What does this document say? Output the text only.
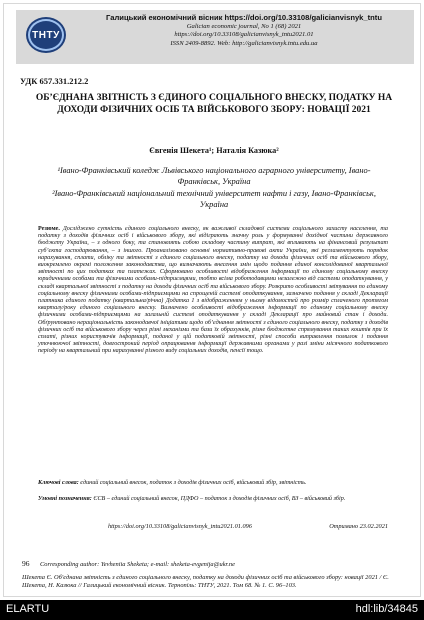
ТНТУ
Галицький економічний вісник https://doi.org/10.33108/galicianvisnyk_tntu
Galician economic journal, No 1 (68) 2021
https://doi.org/10.33108/galicianvisnyk_tntu2021.01
ISSN 2409-8892. Web: http://galicianvisnyk.tntu.edu.ua
УДК 657.331.212.2
ОБ’ЄДНАНА ЗВІТНІСТЬ З ЄДИНОГО СОЦІАЛЬНОГО ВНЕСКУ, ПОДАТКУ НА ДОХОДИ ФІЗИЧНИХ ОСІБ ТА ВІЙСЬКОВОГО ЗБОРУ: НОВАЦІЇ 2021
Євгенія Шекета¹; Наталія Казюка²
¹Івано-Франківський коледж Львівського національного аграрного університету, Івано-Франківськ, Україна
²Івано-Франківський національний технічний університет нафти і газу, Івано-Франківськ, Україна
Резюме. Досліджено сутність єдиного соціального внеску, як важливої складової системи соціального захисту населення, та податку з доходів фізичних осіб і військового збору, які відіграють значну роль у формуванні дохідної частини державного бюджету України, – з одного боку, та становлять собою складову частину витрат, які впливають на фінансовий результат суб’єкта господарювання, – з іншого. Проаналізовано основні нормативно-правові акти України, які регламентують порядок нарахування, сплати, обліку та звітності з єдиного соціального внеску, податку на доходи фізичних осіб та військового збору, виокремлено окремі положення законодавства, що визначають внесення змін щодо подання єдиної консолідованої квартальної звітності по цих податках та платежах. Сформовано особливості відображення інформації по єдиному соціальному внеску юридичними особами та фізичними особами-підприємцями, тобто всіма роботодавцями незалежно від системи оподаткування, у складі квартальної звітності з податку на доходи фізичних осіб та військового збору. Розкрито особливості звітування по єдиному соціальному внеску фізичними особами-підприємцями на спрощеній системі оподаткування, зазначено подання у складі Декларації платника єдиного податку (квартальна/річна) Додатка 1 з відображенням у ньому відомостей про розмір сплаченого протягом кварталу/року єдиного соціального внеску. Визначено особливості відображення інформації по єдиному соціальному внеску фізичними особами-підприємцями на загальній системі оподаткування у складі Декларації про майновий стан і доходи. Обґрунтовано нераціональність законодавчої ініціативи щодо об’єднання звітності з єдиного соціального внеску, податку з доходів фізичних осіб та військового збору через різні механізми та бази їх обрахунків, різне бюджетне спрямування таких коштів при їх сплаті, різних користувачів інформації, поданої у цій податковій звітності, різні способи виправлення помилок і подання уточнюючої звітності, довгострокий період опрацювання інформації державними органами у разі зміни місячного податкового періоду на квартальний при нарахуванні різного виду соціальних доходів, пенсії тощо.
Ключові слова: єдиний соціальний внесок, податок з доходів фізичних осіб, військовий збір, звітність.
Умовні позначення: ЄСВ – єдиний соціальний внесок, ПДФО – податок з доходів фізичних осіб, ВЗ – військовий збір.
https://doi.org/10.33108/galicianvisnyk_tntu2021.01.096	Отримано 23.02.2021
96 Corresponding author: Yevheniia Sheketa; e-mail: sheketa-evgenija@ukr.ne
Шекета Є. Об'єднана звітність з єдиного соціального внеску, податку на доходи фізичних осіб та військового збору: новації 2021 / Є. Шекета, Н. Казюка // Галицький економічний вісник. Тернопіль: ТНТУ, 2021. Том 68. № 1. С. 96–103.
ELARTU	hdl:lib/34845
